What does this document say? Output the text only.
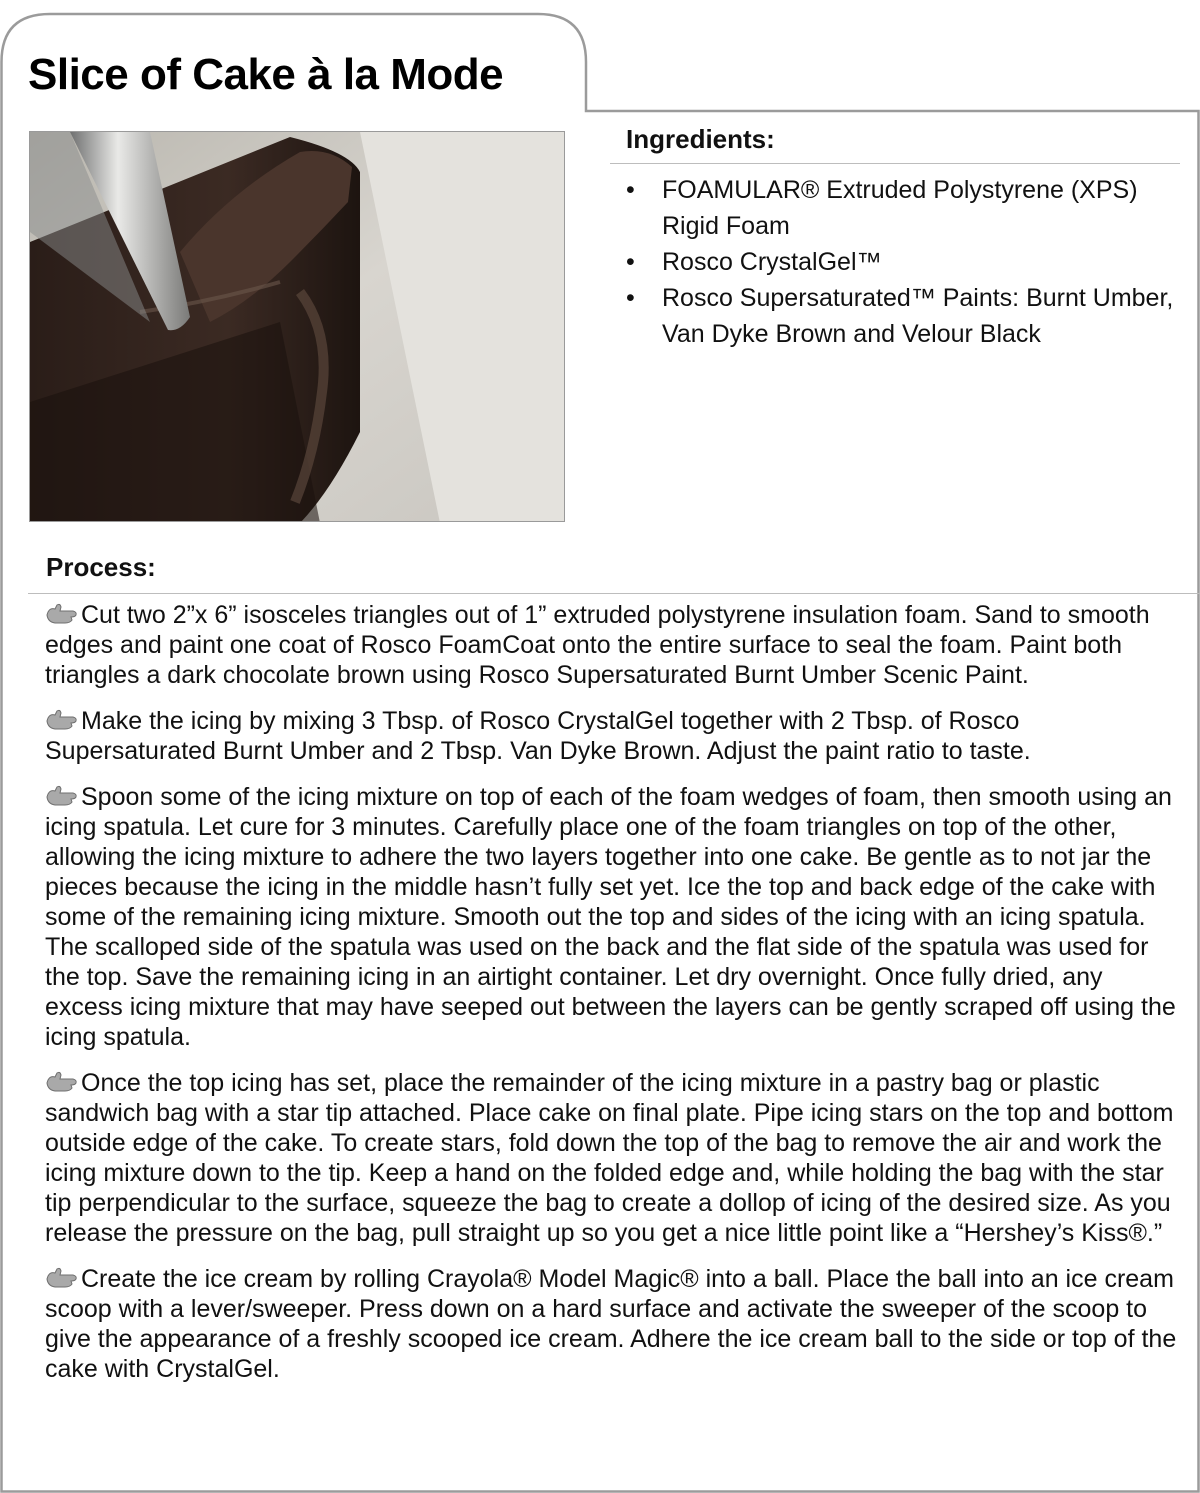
Slice of Cake à la Mode
Ingredients:
• FOAMULAR® Extruded Polystyrene (XPS) Rigid Foam
• Rosco CrystalGel™
• Rosco Supersaturated™ Paints: Burnt Umber, Van Dyke Brown and Velour Black
Process:

Cut two 2”x 6” isosceles triangles out of 1” extruded polystyrene insulation foam. Sand to smooth edges and paint one coat of Rosco FoamCoat onto the entire surface to seal the foam. Paint both triangles a dark chocolate brown using Rosco Supersaturated Burnt Umber Scenic Paint.

Make the icing by mixing 3 Tbsp. of Rosco CrystalGel together with 2 Tbsp. of Rosco Supersaturated Burnt Umber and 2 Tbsp. Van Dyke Brown. Adjust the paint ratio to taste.

Spoon some of the icing mixture on top of each of the foam wedges of foam, then smooth using an icing spatula. Let cure for 3 minutes. Carefully place one of the foam triangles on top of the other, allowing the icing mixture to adhere the two layers together into one cake. Be gentle as to not jar the pieces because the icing in the middle hasn’t fully set yet. Ice the top and back edge of the cake with some of the remaining icing mixture. Smooth out the top and sides of the icing with an icing spatula. The scalloped side of the spatula was used on the back and the flat side of the spatula was used for the top. Save the remaining icing in an airtight container. Let dry overnight. Once fully dried, any excess icing mixture that may have seeped out between the layers can be gently scraped off using the icing spatula.

Once the top icing has set, place the remainder of the icing mixture in a pastry bag or plastic sandwich bag with a star tip attached. Place cake on final plate. Pipe icing stars on the top and bottom outside edge of the cake. To create stars, fold down the top of the bag to remove the air and work the icing mixture down to the tip. Keep a hand on the folded edge and, while holding the bag with the star tip perpendicular to the surface, squeeze the bag to create a dollop of icing of the desired size. As you release the pressure on the bag, pull straight up so you get a nice little point like a “Hershey’s Kiss®.”

Create the ice cream by rolling Crayola® Model Magic® into a ball. Place the ball into an ice cream scoop with a lever/sweeper. Press down on a hard surface and activate the sweeper of the scoop to give the appearance of a freshly scooped ice cream. Adhere the ice cream ball to the side or top of the cake with CrystalGel.
